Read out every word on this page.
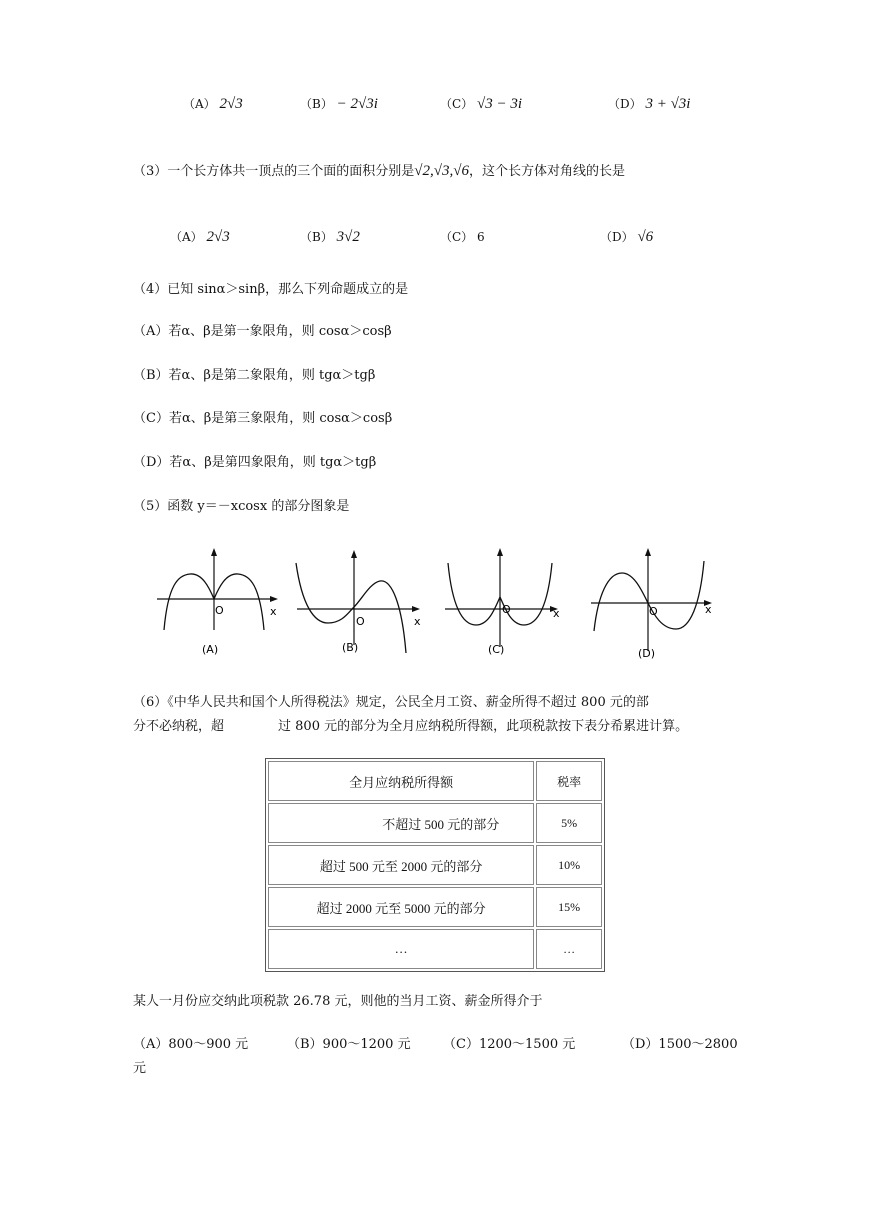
（A） 2√3	（B） − 2√3i	（C） √3 − 3i	（D） 3 + √3i
（3）一个长方体共一顶点的三个面的面积分别是√2,√3,√6，这个长方体对角线的长是
（A） 2√3	（B） 3√2	（C） 6	（D） √6
（4）已知 sinα＞sinβ，那么下列命题成立的是
（A）若α、β是第一象限角，则 cosα＞cosβ
（B）若α、β是第二象限角，则 tgα＞tgβ
（C）若α、β是第三象限角，则 cosα＞cosβ
（D）若α、β是第四象限角，则 tgα＞tgβ
（5）函数 y＝－xcosx 的部分图象是
O	x
(A)
O	x
(B)
O	x
(C)
O	x
(D)
（6）《中华人民共和国个人所得税法》规定，公民全月工资、薪金所得不超过 800 元的部
分不必纳税，超	过 800 元的部分为全月应纳税所得额，此项税款按下表分希累进计算。
全月应纳税所得额	税率
不超过 500 元的部分	5%
超过 500 元至 2000 元的部分	10%
超过 2000 元至 5000 元的部分	15%
…	…
某人一月份应交纳此项税款 26.78 元，则他的当月工资、薪金所得介于
（A）800～900 元	（B）900～1200 元 （C）1200～1500 元	（D）1500～2800
元
